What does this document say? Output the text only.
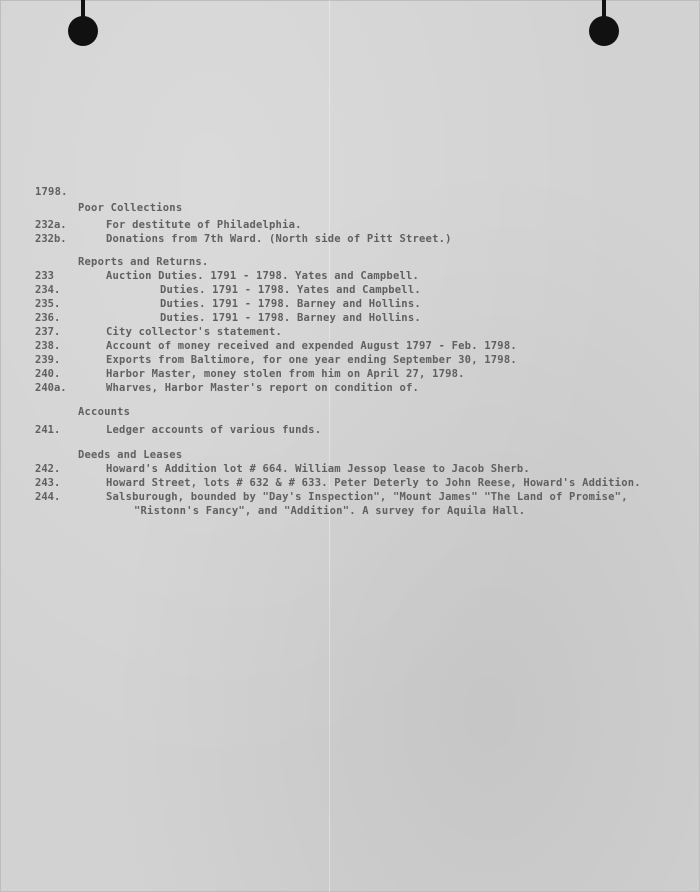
1798.
Poor Collections
232a.	For destitute of Philadelphia.
232b.	Donations from 7th Ward. (North side of Pitt Street.)
Reports and Returns.
233	Auction Duties. 1791 - 1798. Yates and Campbell.
234.	Duties. 1791 - 1798. Yates and Campbell.
235.	Duties. 1791 - 1798. Barney and Hollins.
236.	Duties. 1791 - 1798. Barney and Hollins.
237.	City collector's statement.
238.	Account of money received and expended August 1797 - Feb. 1798.
239.	Exports from Baltimore, for one year ending September 30, 1798.
240.	Harbor Master, money stolen from him on April 27, 1798.
240a.	Wharves, Harbor Master's report on condition of.
Accounts
241.	Ledger accounts of various funds.
Deeds and Leases
242.	Howard's Addition lot # 664. William Jessop lease to Jacob Sherb.
243.	Howard Street, lots # 632 & # 633. Peter Deterly to John Reese, Howard's Addition.
244.	Salsburough, bounded by "Day's Inspection", "Mount James" "The Land of Promise",
"Ristonn's Fancy", and "Addition". A survey for Aquila Hall.
